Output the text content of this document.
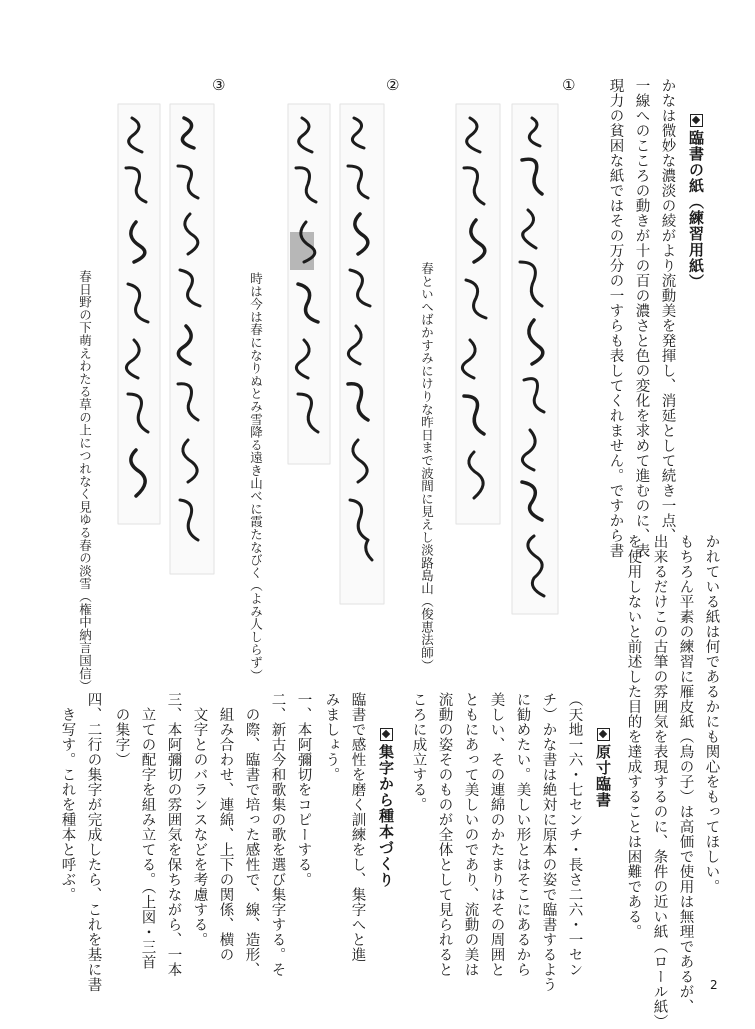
臨書の紙（練習用紙）

かなは微妙な濃淡の綾がより流動美を発揮し、消延として続き一点、
一線へのこころの動きが十の百の濃さと色の変化を求めて進むのに、表
現力の貧困な紙ではその万分の一すらも表してくれません。ですから書
①
②
③
春といへばかすみにけりな昨日まで波間に見えし淡路島山（俊恵法師）
時は今は春になりぬとみ雪降る遠き山べに霞たなびく（よみ人しらず）
春日野の下萌えわたる草の上につれなく見ゆる春の淡雪（権中納言国信）
かれている紙は何であるかにも関心をもってほしい。
もちろん平素の練習に雁皮紙（鳥の子）は高価で使用は無理であるが、
出来るだけこの古筆の雰囲気を表現するのに、条件の近い紙（ロール紙）
を使用しないと前述した目的を達成することは困難である。

原寸臨書

（天地一六・七センチ・長さ二六・一セン
チ）かな書は絶対に原本の姿で臨書するよう
に勧めたい。美しい形とはそこにあるから
美しい、その連綿のかたまりはその周囲と
ともにあって美しいのであり、流動の美は
流動の姿そのものが全体として見られると
ころに成立する。

集字から種本づくり

臨書で感性を磨く訓練をし、集字へと進
みましょう。
一、本阿彌切をコピーする。
二、新古今和歌集の歌を選び集字する。そ
　の際、臨書で培った感性で、線、造形、
　組み合わせ、連綿、上下の関係、横の
　文字とのバランスなどを考慮する。
三、本阿彌切の雰囲気を保ちながら、一本
　立ての配字を組み立てる。（上図・三首
　の集字）
四、二行の集字が完成したら、これを基に書
　き写す。これを種本と呼ぶ。
2
